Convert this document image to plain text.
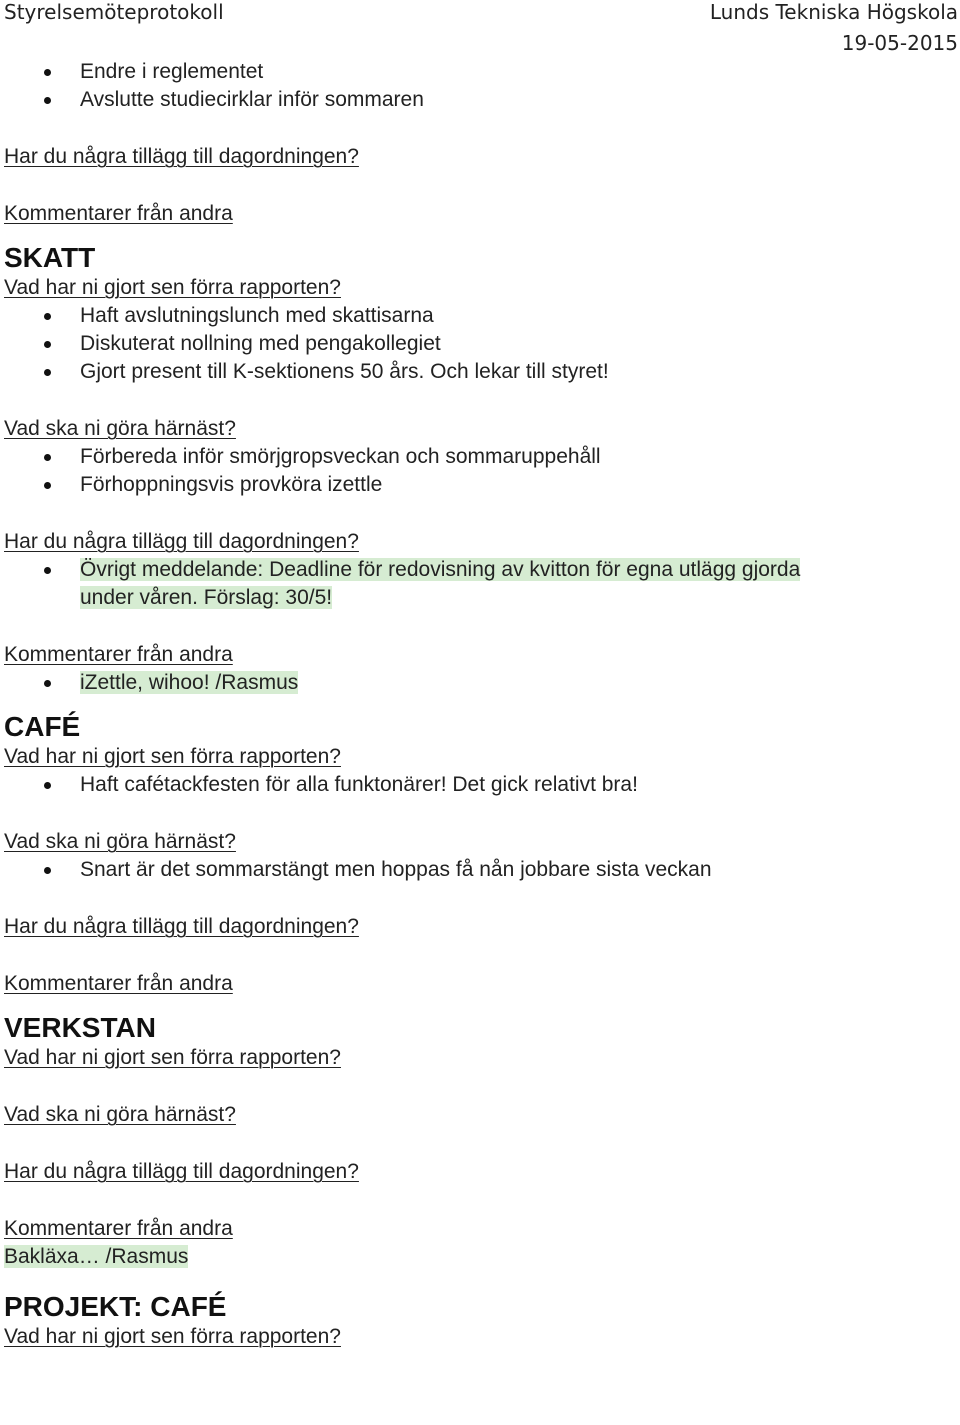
Styrelsemöteprotokoll	Lunds Tekniska Högskola
19-05-2015
Endre i reglementet
Avslutte studiecirklar inför sommaren
Har du några tillägg till dagordningen?
Kommentarer från andra
SKATT
Vad har ni gjort sen förra rapporten?
Haft avslutningslunch med skattisarna
Diskuterat nollning med pengakollegiet
Gjort present till K-sektionens 50 års. Och lekar till styret!
Vad ska ni göra härnäst?
Förbereda inför smörjgropsveckan och sommaruppehåll
Förhoppningsvis provköra izettle
Har du några tillägg till dagordningen?
Övrigt meddelande: Deadline för redovisning av kvitton för egna utlägg gjorda
under våren. Förslag: 30/5!
Kommentarer från andra
iZettle, wihoo! /Rasmus
CAFÉ
Vad har ni gjort sen förra rapporten?
Haft cafétackfesten för alla funktonärer! Det gick relativt bra!
Vad ska ni göra härnäst?
Snart är det sommarstängt men hoppas få nån jobbare sista veckan
Har du några tillägg till dagordningen?
Kommentarer från andra
VERKSTAN
Vad har ni gjort sen förra rapporten?
Vad ska ni göra härnäst?
Har du några tillägg till dagordningen?
Kommentarer från andra
Bakläxa… /Rasmus
PROJEKT: CAFÉ
Vad har ni gjort sen förra rapporten?
